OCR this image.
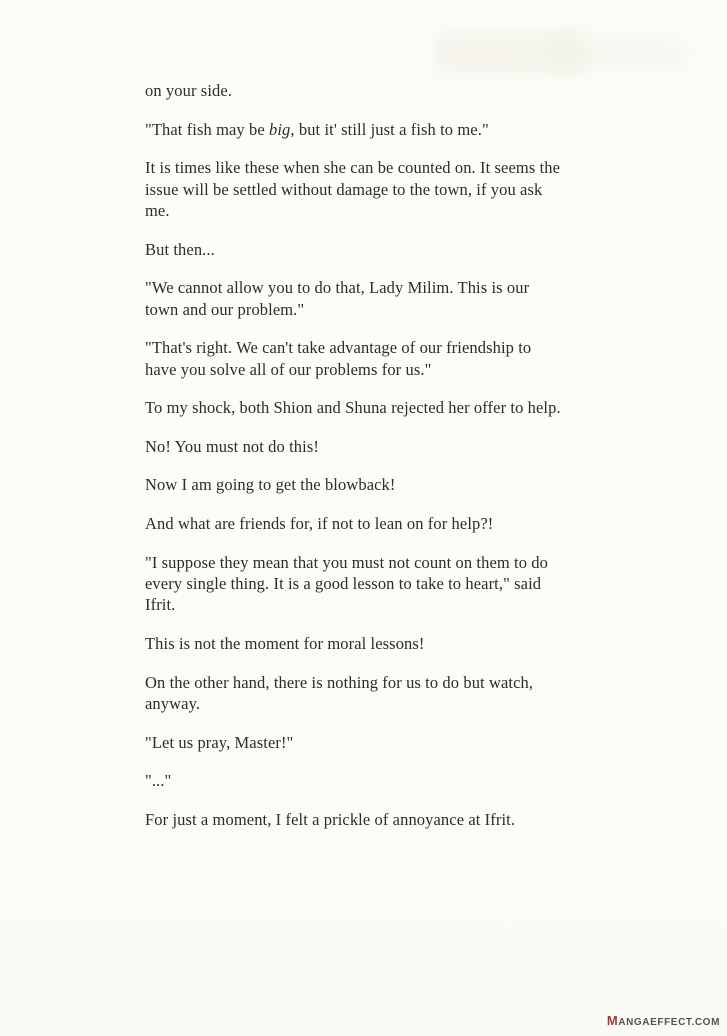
on your side.

"That fish may be big, but it' still just a fish to me."

It is times like these when she can be counted on. It seems the
issue will be settled without damage to the town, if you ask
me.

But then...

"We cannot allow you to do that, Lady Milim. This is our
town and our problem."

"That's right. We can't take advantage of our friendship to
have you solve all of our problems for us."

To my shock, both Shion and Shuna rejected her offer to help.

No! You must not do this!

Now I am going to get the blowback!

And what are friends for, if not to lean on for help?!

"I suppose they mean that you must not count on them to do
every single thing. It is a good lesson to take to heart," said
Ifrit.

This is not the moment for moral lessons!

On the other hand, there is nothing for us to do but watch,
anyway.

"Let us pray, Master!"

"..."

For just a moment, I felt a prickle of annoyance at Ifrit.

MANGAEFFECT.COM
